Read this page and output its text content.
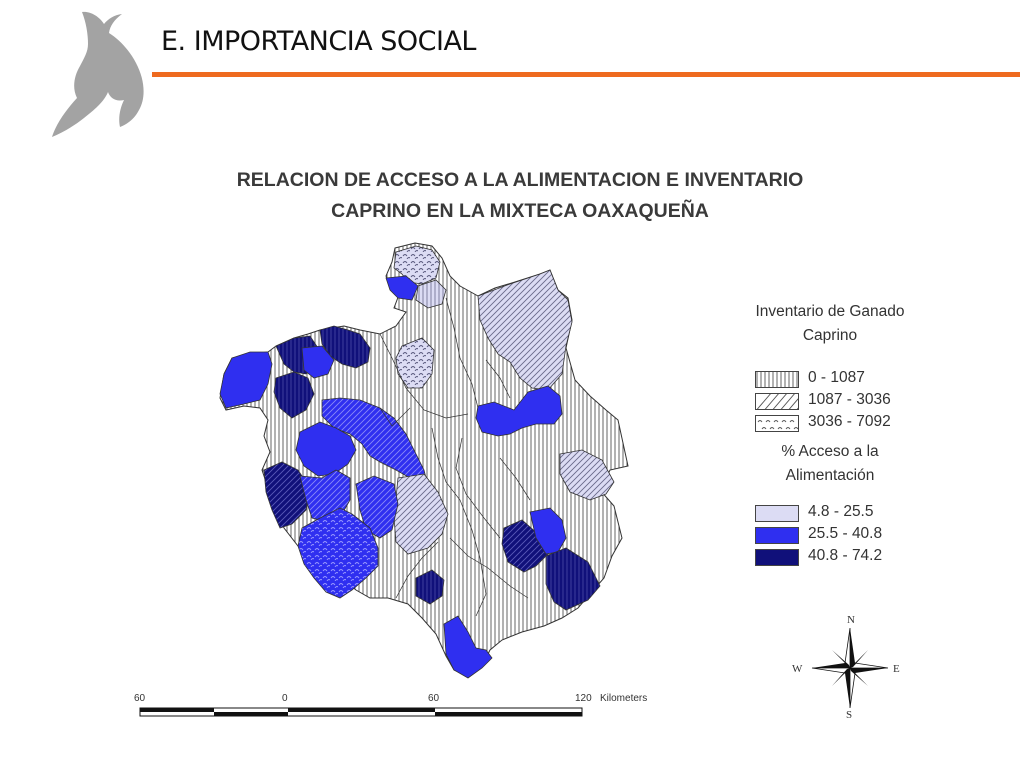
E. IMPORTANCIA SOCIAL
RELACION DE ACCESO A LA ALIMENTACION E INVENTARIO
CAPRINO EN LA MIXTECA OAXAQUEÑA
Inventario de Ganado
Caprino
0 - 1087
1087 - 3036
3036 - 7092
% Acceso a la
Alimentación
4.8 - 25.5
25.5 - 40.8
40.8 - 74.2
60	0	60	120 Kilometers
N
S
E
W
